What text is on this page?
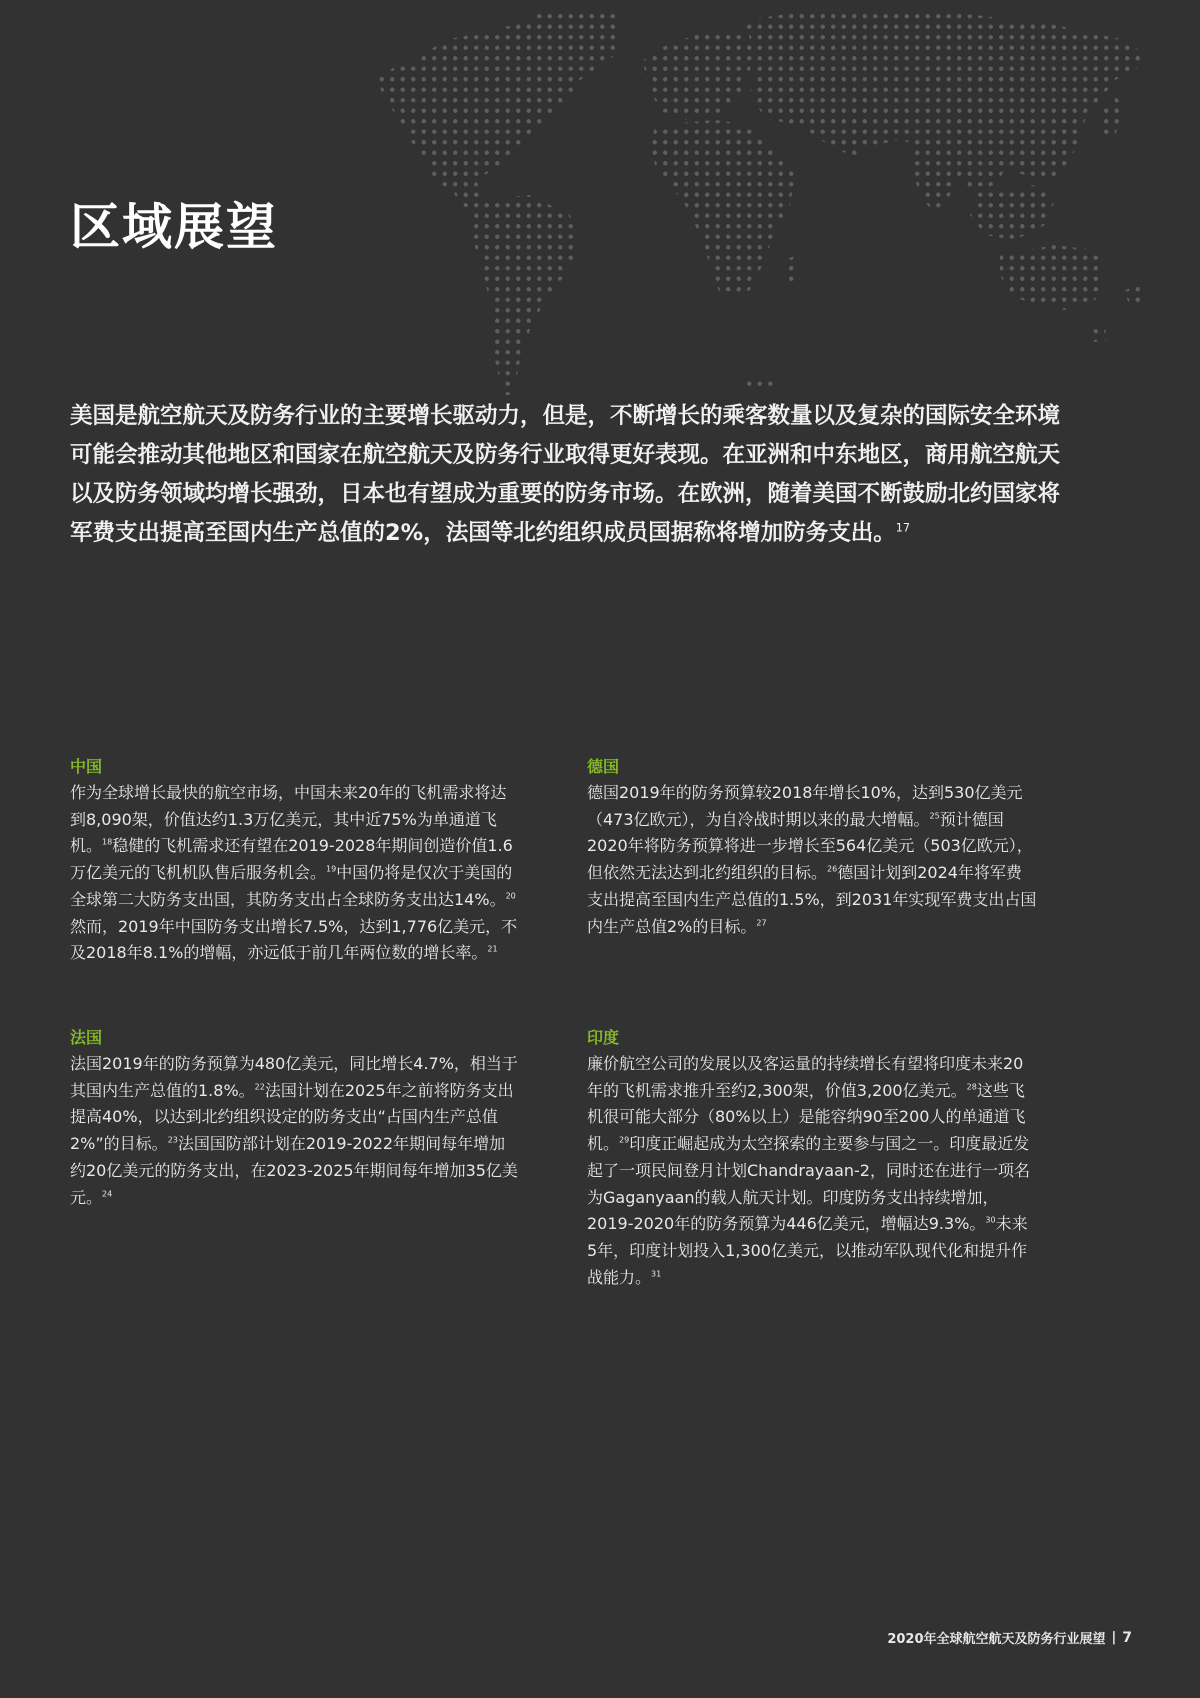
区域展望

美国是航空航天及防务行业的主要增长驱动力，但是，不断增长的乘客数量以及复杂的国际安全环境可能会推动其他地区和国家在航空航天及防务行业取得更好表现。在亚洲和中东地区，商用航空航天以及防务领域均增长强劲，日本也有望成为重要的防务市场。在欧洲，随着美国不断鼓励北约国家将军费支出提高至国内生产总值的2%，法国等北约组织成员国据称将增加防务支出。$^{17}$

中国

作为全球增长最快的航空市场，中国未来20年的飞机需求将达到8,090架，价值达约1.3万亿美元，其中近75%为单通道飞机。$^{18}$稳健的飞机需求还有望在2019-2028年期间创造价值1.6万亿美元的飞机机队售后服务机会。$^{19}$中国仍将是仅次于美国的全球第二大防务支出国，其防务支出占全球防务支出达14%。$^{20}$然而，2019年中国防务支出增长7.5%，达到1,776亿美元，不及2018年8.1%的增幅，亦远低于前几年两位数的增长率。$^{21}$

德国

德国2019年的防务预算较2018年增长10%，达到530亿美元（473亿欧元），为自冷战时期以来的最大增幅。$^{25}$预计德国2020年将防务预算将进一步增长至564亿美元（503亿欧元），但依然无法达到北约组织的目标。$^{26}$德国计划到2024年将军费支出提高至国内生产总值的1.5%，到2031年实现军费支出占国内生产总值2%的目标。$^{27}$

法国

法国2019年的防务预算为480亿美元，同比增长4.7%，相当于其国内生产总值的1.8%。$^{22}$法国计划在2025年之前将防务支出提高40%，以达到北约组织设定的防务支出“占国内生产总值2%”的目标。$^{23}$法国国防部计划在2019-2022年期间每年增加约20亿美元的防务支出，在2023-2025年期间每年增加35亿美元。$^{24}$

印度

廉价航空公司的发展以及客运量的持续增长有望将印度未来20年的飞机需求推升至约2,300架，价值3,200亿美元。$^{28}$这些飞机很可能大部分（80%以上）是能容纳90至200人的单通道飞机。$^{29}$印度正崛起成为太空探索的主要参与国之一。印度最近发起了一项民间登月计划Chandrayaan-2，同时还在进行一项名为Gaganyaan的载人航天计划。印度防务支出持续增加，2019-2020年的防务预算为446亿美元，增幅达9.3%。$^{30}$未来5年，印度计划投入1,300亿美元，以推动军队现代化和提升作战能力。$^{31}$

2020年全球航空航天及防务行业展望 | 7
